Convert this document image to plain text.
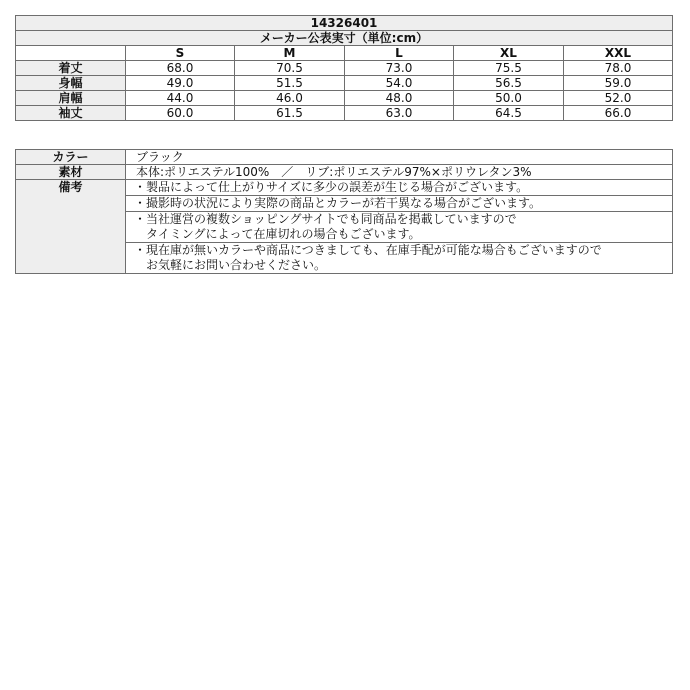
14326401					
メーカー公表実寸（単位:cm）					
	S	M	L	XL	XXL
着丈	68.0	70.5	73.0	75.5	78.0
身幅	49.0	51.5	54.0	56.5	59.0
肩幅	44.0	46.0	48.0	50.0	52.0
袖丈	60.0	61.5	63.0	64.5	66.0
カラー	ブラック
素材	本体:ポリエステル100%　／　リブ:ポリエステル97%×ポリウレタン3%
備考	・製品によって仕上がりサイズに多少の誤差が生じる場合がございます。

	・撮影時の状況により実際の商品とカラーが若干異なる場合がございます。

	・当社運営の複数ショッピングサイトでも同商品を掲載していますので
　タイミングによって在庫切れの場合もございます。

	・現在庫が無いカラーや商品につきましても、在庫手配が可能な場合もございますので
　お気軽にお問い合わせください。
